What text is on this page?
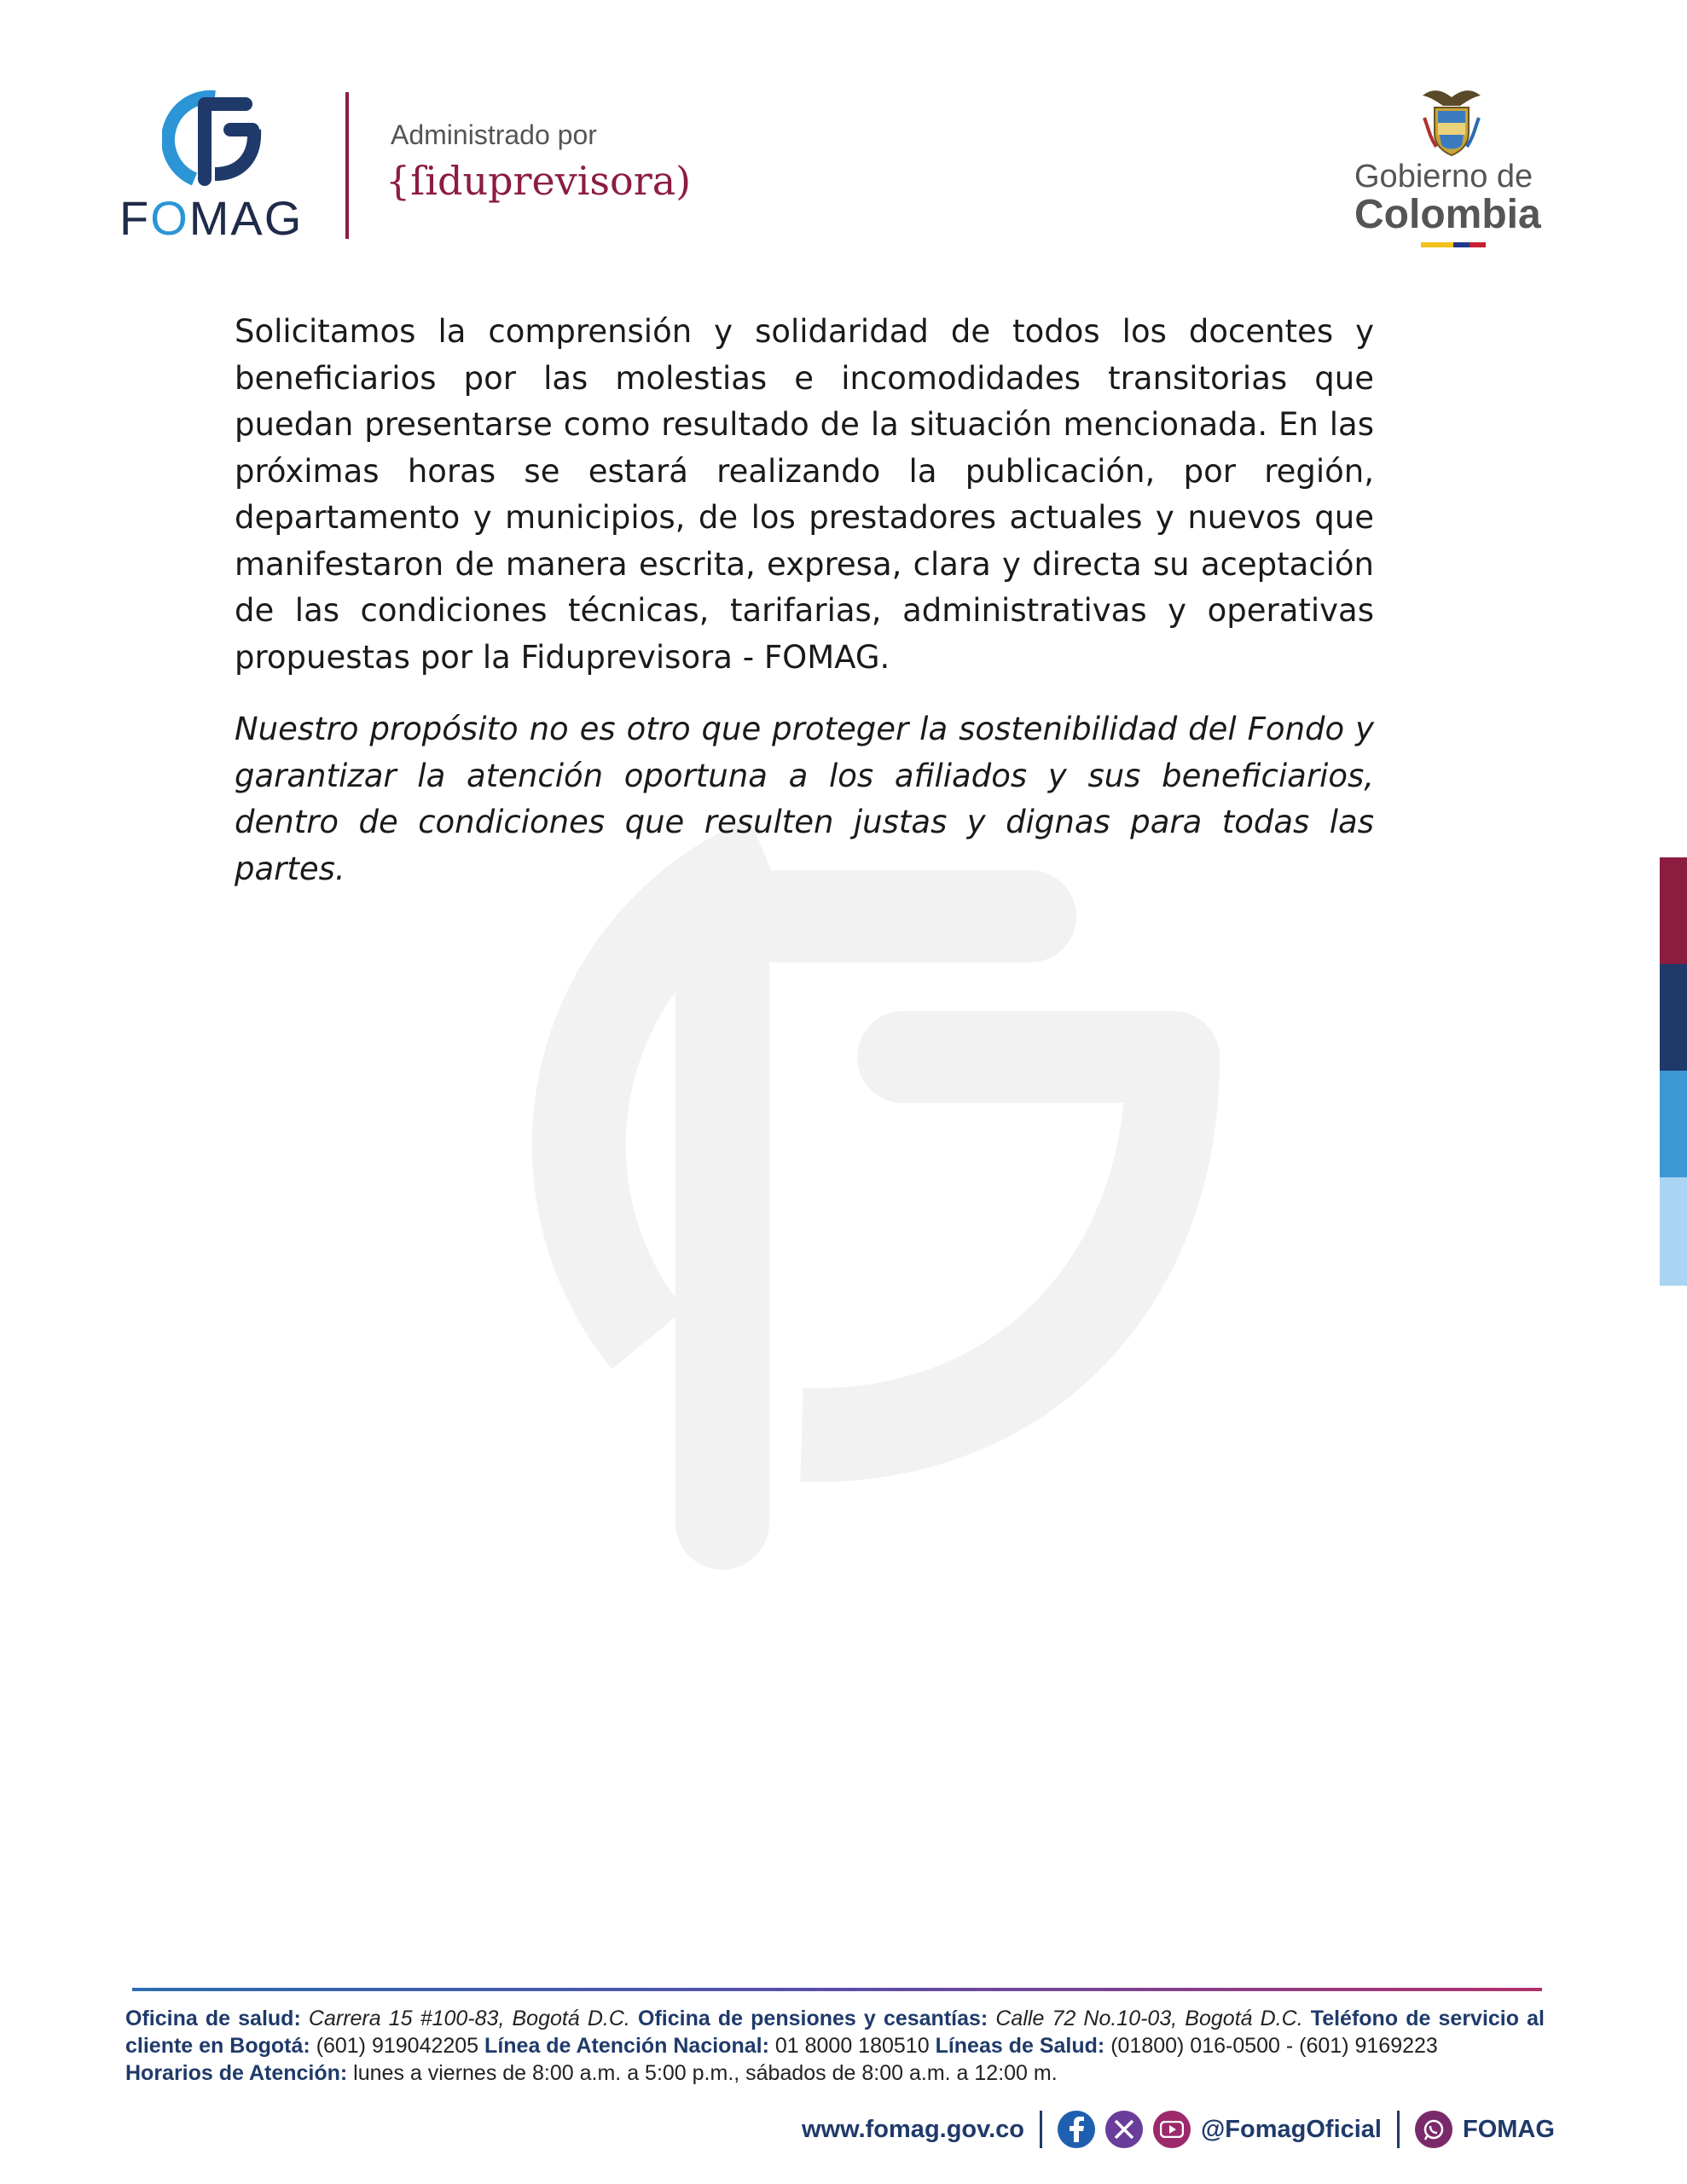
FOMAG
Administrado por
{ſiduprevisora)	Gobierno de
Colombia

Solicitamos la comprensión y solidaridad de todos los docentes y beneficiarios por las molestias e incomodidades transitorias que puedan presentarse como resultado de la situación mencionada. En las próximas horas se estará realizando la publicación, por región, departamento y municipios, de los prestadores actuales y nuevos que manifestaron de manera escrita, expresa, clara y directa su aceptación de las condiciones técnicas, tarifarias, administrativas y operativas propuestas por la Fiduprevisora - FOMAG.

Nuestro propósito no es otro que proteger la sostenibilidad del Fondo y garantizar la atención oportuna a los afiliados y sus beneficiarios, dentro de condiciones que resulten justas y dignas para todas las partes.

Oficina de salud: Carrera 15 #100-83, Bogotá D.C. Oficina de pensiones y cesantías: Calle 72 No.10-03, Bogotá D.C. Teléfono de servicio al cliente en Bogotá: (601) 919042205 Línea de Atención Nacional: 01 8000 180510 Líneas de Salud: (01800) 016-0500 - (601) 9169223
Horarios de Atención: lunes a viernes de 8:00 a.m. a 5:00 p.m., sábados de 8:00 a.m. a 12:00 m.
www.fomag.gov.co	@FomagOficial	FOMAG
